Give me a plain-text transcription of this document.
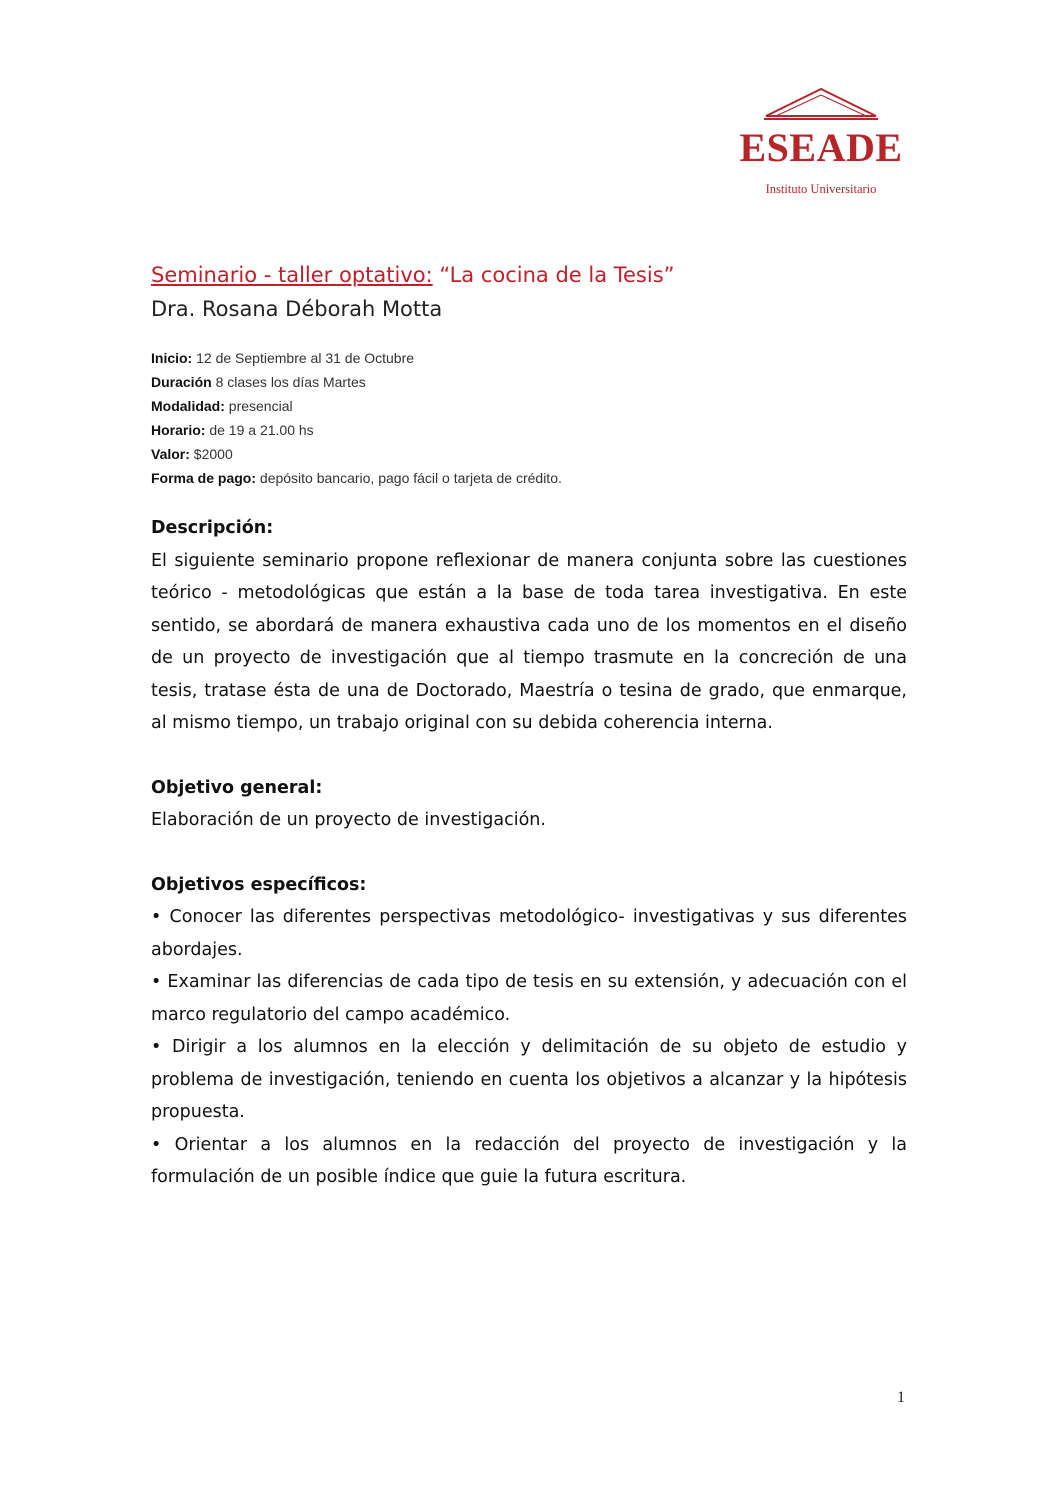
ESEADE
Instituto Universitario

Seminario - taller optativo: “La cocina de la Tesis”

Dra. Rosana Déborah Motta

Inicio: 12 de Septiembre al 31 de Octubre
Duración 8 clases los días Martes
Modalidad: presencial
Horario: de 19 a 21.00 hs
Valor: $2000
Forma de pago: depósito bancario, pago fácil o tarjeta de crédito.
Descripción:

El siguiente seminario propone reflexionar de manera conjunta sobre las cuestiones teórico - metodológicas que están a la base de toda tarea investigativa. En este sentido, se abordará de manera exhaustiva cada uno de los momentos en el diseño de un proyecto de investigación que al tiempo trasmute en la concreción de una tesis, tratase ésta de una de Doctorado, Maestría o tesina de grado, que enmarque, al mismo tiempo, un trabajo original con su debida coherencia interna.

Objetivo general:

Elaboración de un proyecto de investigación.

Objetivos específicos:

• Conocer las diferentes perspectivas metodológico- investigativas y sus diferentes abordajes.

• Examinar las diferencias de cada tipo de tesis en su extensión, y adecuación con el marco regulatorio del campo académico.

• Dirigir a los alumnos en la elección y delimitación de su objeto de estudio y problema de investigación, teniendo en cuenta los objetivos a alcanzar y la hipótesis propuesta.

• Orientar a los alumnos en la redacción del proyecto de investigación y la formulación de un posible índice que guie la futura escritura.

1
